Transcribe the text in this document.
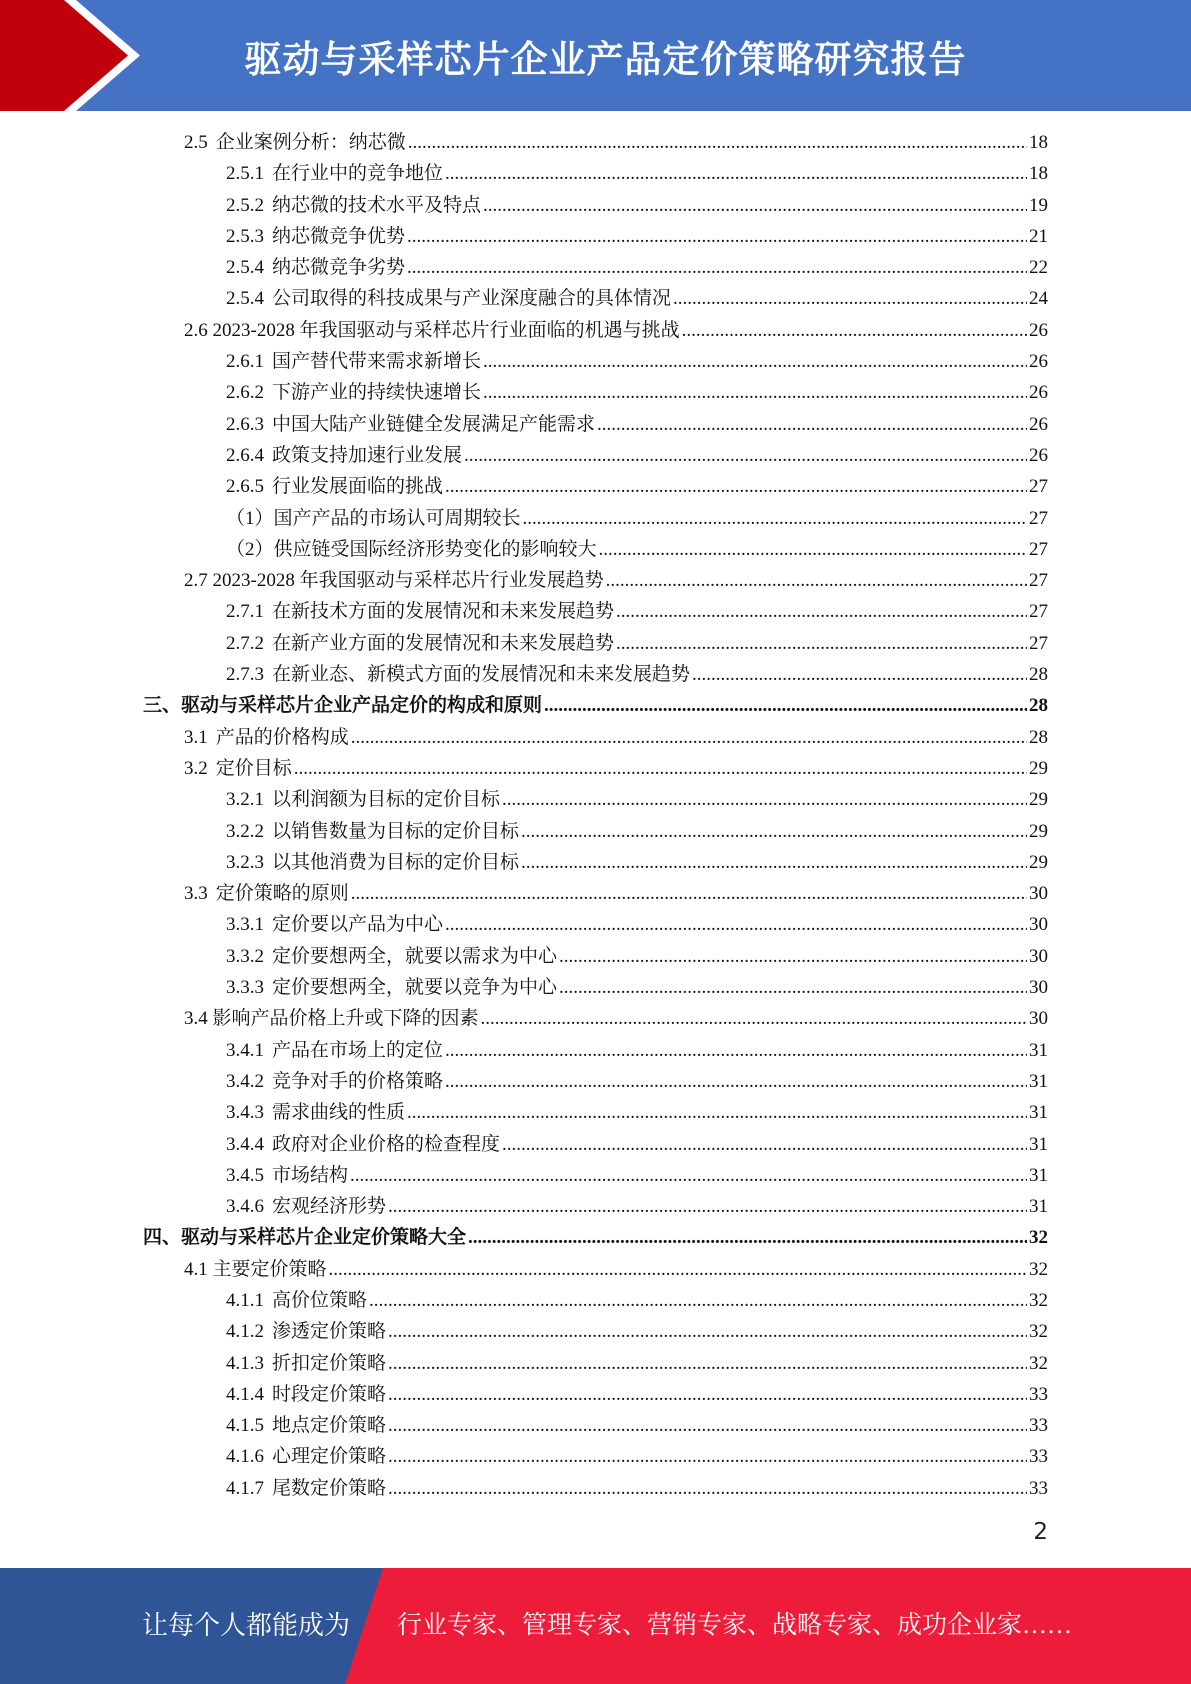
驱动与采样芯片企业产品定价策略研究报告
2.5 企业案例分析：纳芯微 .....	18
2.5.1 在行业中的竞争地位 .....	18
2.5.2 纳芯微的技术水平及特点 .....	19
2.5.3 纳芯微竞争优势 .....	21
2.5.4 纳芯微竞争劣势 .....	22
2.5.4 公司取得的科技成果与产业深度融合的具体情况 .....	24
2.6 2023-2028 年我国驱动与采样芯片行业面临的机遇与挑战 .....	26
2.6.1 国产替代带来需求新增长 .....	26
2.6.2 下游产业的持续快速增长 .....	26
2.6.3 中国大陆产业链健全发展满足产能需求 .....	26
2.6.4 政策支持加速行业发展 .....	26
2.6.5 行业发展面临的挑战 .....	27
（1）国产产品的市场认可周期较长 .....	27
（2）供应链受国际经济形势变化的影响较大 .....	27
2.7 2023-2028 年我国驱动与采样芯片行业发展趋势 .....	27
2.7.1 在新技术方面的发展情况和未来发展趋势 .....	27
2.7.2 在新产业方面的发展情况和未来发展趋势 .....	27
2.7.3 在新业态、新模式方面的发展情况和未来发展趋势 .....	28
三、驱动与采样芯片企业产品定价的构成和原则 .....	28
3.1 产品的价格构成 .....	28
3.2 定价目标 .....	29
3.2.1 以利润额为目标的定价目标 .....	29
3.2.2 以销售数量为目标的定价目标 .....	29
3.2.3 以其他消费为目标的定价目标 .....	29
3.3 定价策略的原则 .....	30
3.3.1 定价要以产品为中心 .....	30
3.3.2 定价要想两全，就要以需求为中心 .....	30
3.3.3 定价要想两全，就要以竞争为中心 .....	30
3.4 影响产品价格上升或下降的因素 .....	30
3.4.1 产品在市场上的定位 .....	31
3.4.2 竞争对手的价格策略 .....	31
3.4.3 需求曲线的性质 .....	31
3.4.4 政府对企业价格的检查程度 .....	31
3.4.5 市场结构 .....	31
3.4.6 宏观经济形势 .....	31
四、驱动与采样芯片企业定价策略大全 .....	32
4.1 主要定价策略 .....	32
4.1.1 高价位策略 .....	32
4.1.2 渗透定价策略 .....	32
4.1.3 折扣定价策略 .....	32
4.1.4 时段定价策略 .....	33
4.1.5 地点定价策略 .....	33
4.1.6 心理定价策略 .....	33
4.1.7 尾数定价策略 .....	33
2
让每个人都能成为 行业专家、管理专家、营销专家、战略专家、成功企业家……
